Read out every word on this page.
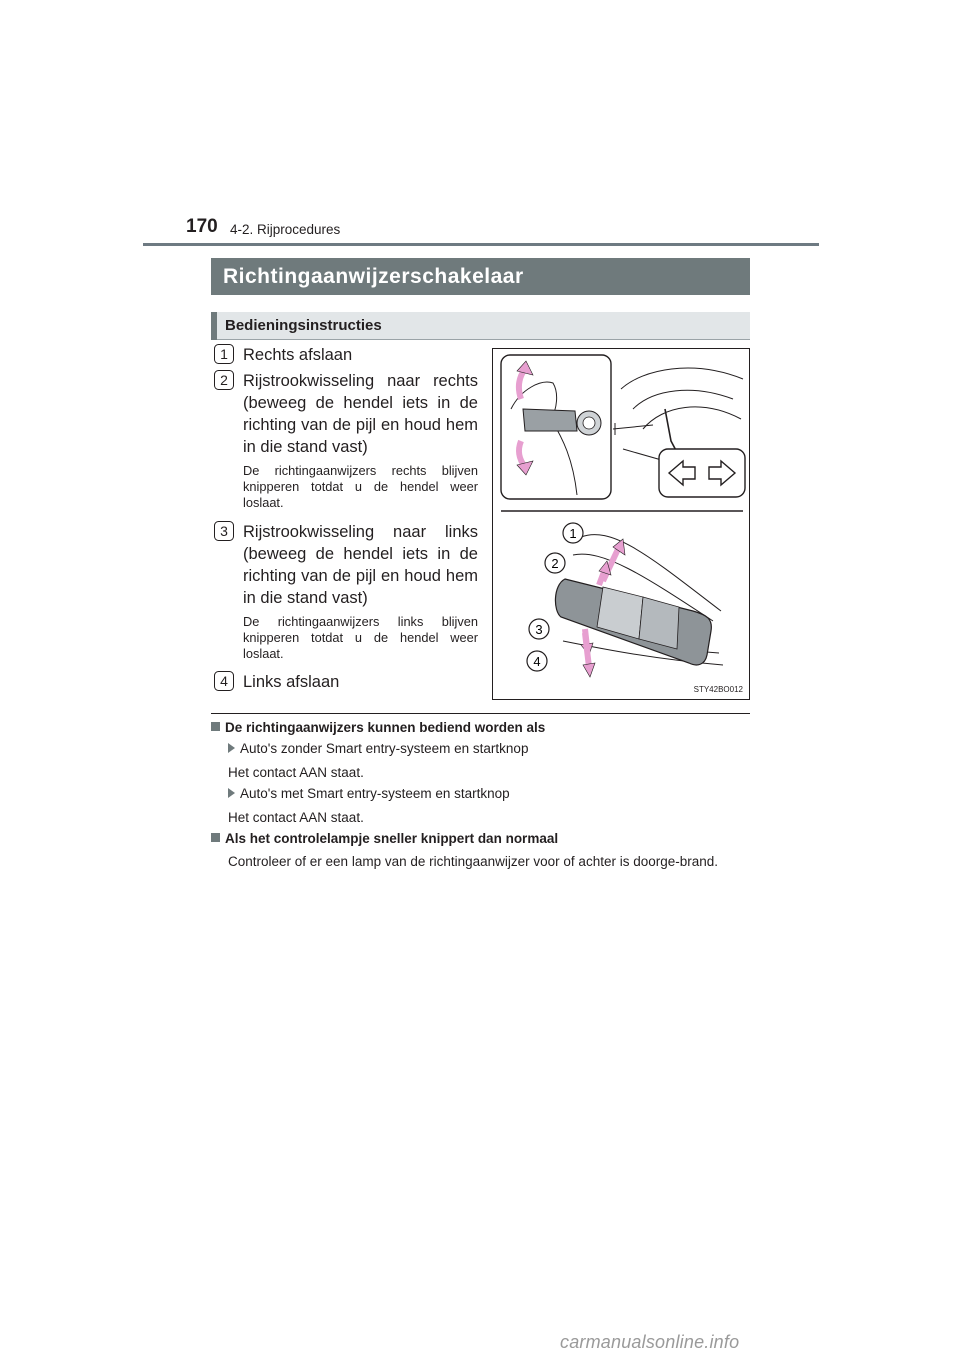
170 4-2. Rijprocedures
Richtingaanwijzerschakelaar
Bedieningsinstructies
1 Rechts afslaan
2 Rijstrookwisseling naar rechts (beweeg de hendel iets in de richting van de pijl en houd hem in die stand vast)
De richtingaanwijzers rechts blijven knipperen totdat u de hendel weer loslaat.
3 Rijstrookwisseling naar links (beweeg de hendel iets in de richting van de pijl en houd hem in die stand vast)
De richtingaanwijzers links blijven knipperen totdat u de hendel weer loslaat.
4 Links afslaan
1
2
3
4
STY42BO012
De richtingaanwijzers kunnen bediend worden als
Auto's zonder Smart entry-systeem en startknop
Het contact AAN staat.
Auto's met Smart entry-systeem en startknop
Het contact AAN staat.
Als het controlelampje sneller knippert dan normaal
Controleer of er een lamp van de richtingaanwijzer voor of achter is doorge-brand.
carmanualsonline.info
